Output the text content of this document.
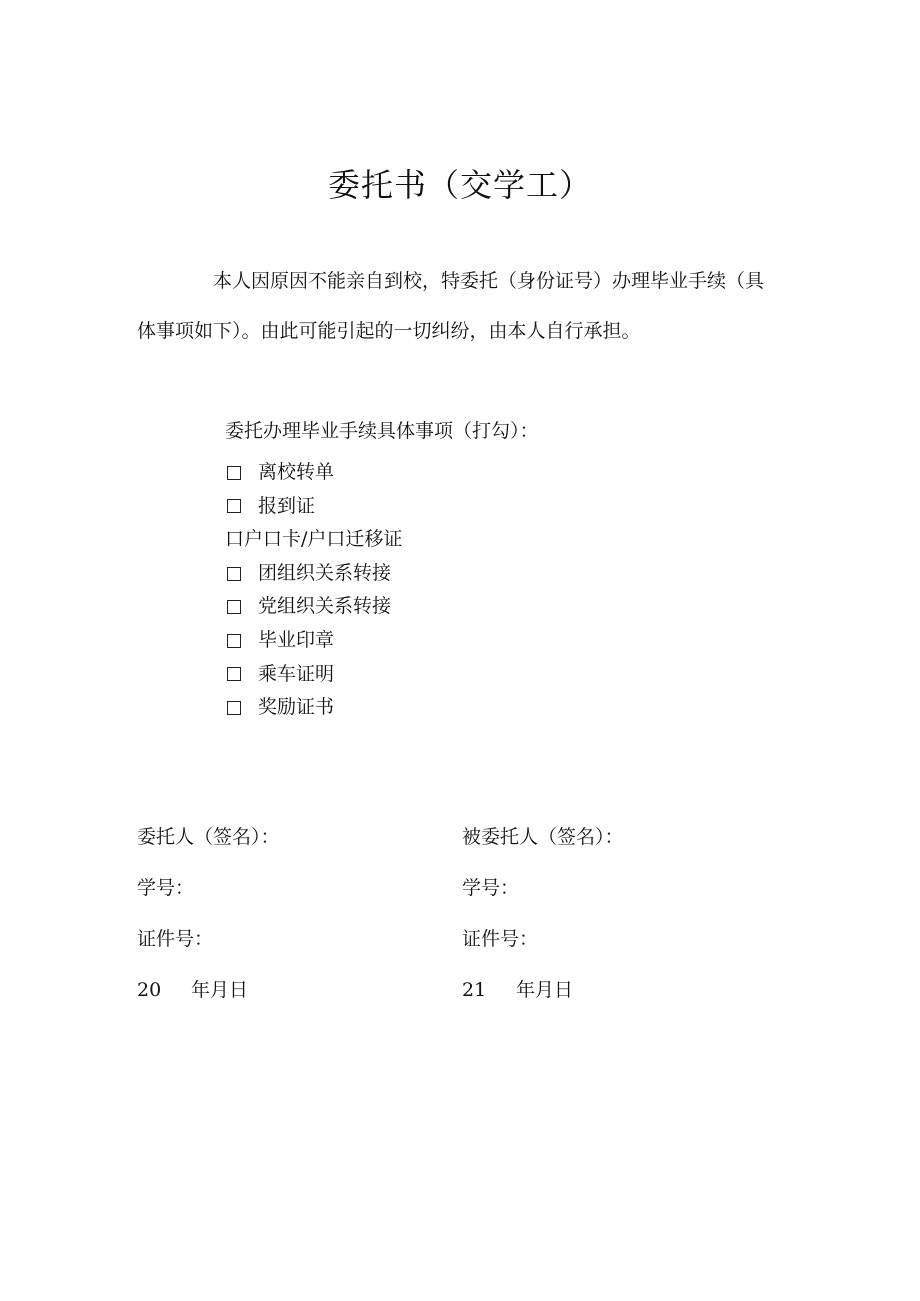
委托书（交学工）
本人因原因不能亲自到校，特委托（身份证号）办理毕业手续（具
体事项如下）。由此可能引起的一切纠纷，由本人自行承担。
委托办理毕业手续具体事项（打勾）：
离校转单
报到证
口户口卡/户口迁移证
团组织关系转接
党组织关系转接
毕业印章
乘车证明
奖励证书
委托人（签名）：
学号：
证件号：
20 年月日
被委托人（签名）：
学号：
证件号：
21 年月日
